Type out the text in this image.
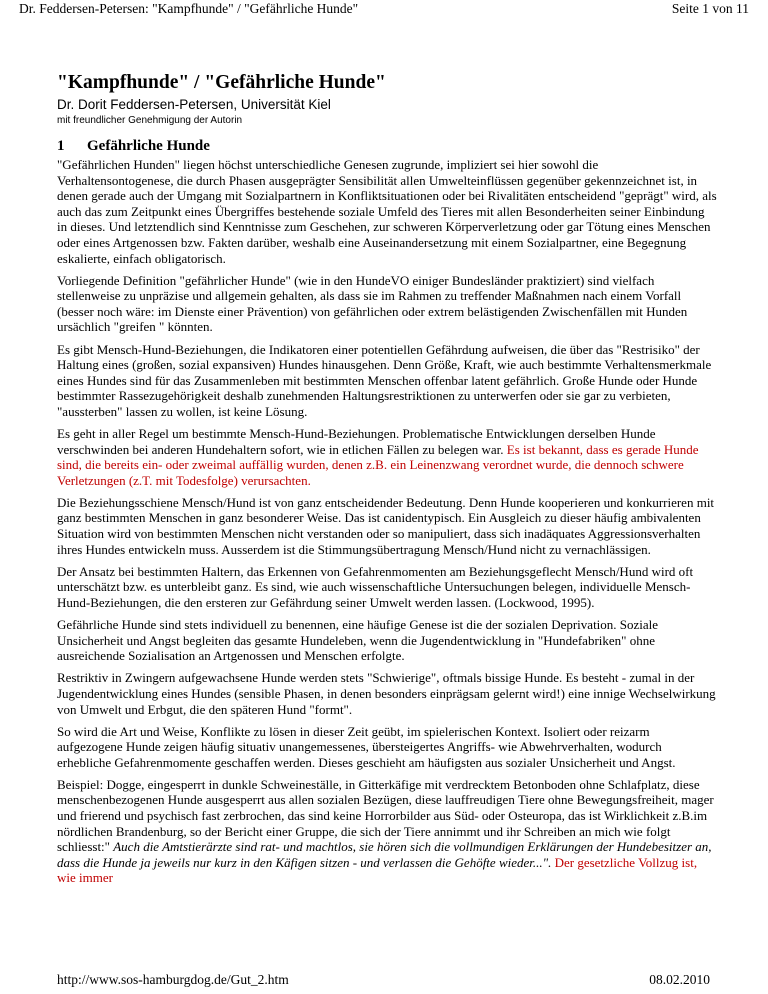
Dr. Feddersen-Petersen: "Kampfhunde" / "Gefährliche Hunde"	Seite 1 von 11
"Kampfhunde" / "Gefährliche Hunde"
Dr. Dorit Feddersen-Petersen, Universität Kiel
mit freundlicher Genehmigung der Autorin
1 Gefährliche Hunde

"Gefährlichen Hunden" liegen höchst unterschiedliche Genesen zugrunde, impliziert sei hier sowohl die Verhaltensontogenese, die durch Phasen ausgeprägter Sensibilität allen Umwelteinflüssen gegenüber gekennzeichnet ist, in denen gerade auch der Umgang mit Sozialpartnern in Konfliktsituationen oder bei Rivalitäten entscheidend "geprägt" wird, als auch das zum Zeitpunkt eines Übergriffes bestehende soziale Umfeld des Tieres mit allen Besonderheiten seiner Einbindung in dieses. Und letztendlich sind Kenntnisse zum Geschehen, zur schweren Körperverletzung oder gar Tötung eines Menschen oder eines Artgenossen bzw. Fakten darüber, weshalb eine Auseinandersetzung mit einem Sozialpartner, eine Begegnung eskalierte, einfach obligatorisch.

Vorliegende Definition "gefährlicher Hunde" (wie in den HundeVO einiger Bundesländer praktiziert) sind vielfach stellenweise zu unpräzise und allgemein gehalten, als dass sie im Rahmen zu treffender Maßnahmen nach einem Vorfall (besser noch wäre: im Dienste einer Prävention) von gefährlichen oder extrem belästigenden Zwischenfällen mit Hunden ursächlich "greifen " könnten.

Es gibt Mensch-Hund-Beziehungen, die Indikatoren einer potentiellen Gefährdung aufweisen, die über das "Restrisiko" der Haltung eines (großen, sozial expansiven) Hundes hinausgehen. Denn Größe, Kraft, wie auch bestimmte Verhaltensmerkmale eines Hundes sind für das Zusammenleben mit bestimmten Menschen offenbar latent gefährlich. Große Hunde oder Hunde bestimmter Rassezugehörigkeit deshalb zunehmenden Haltungsrestriktionen zu unterwerfen oder sie gar zu verbieten, "aussterben" lassen zu wollen, ist keine Lösung.

Es geht in aller Regel um bestimmte Mensch-Hund-Beziehungen. Problematische Entwicklungen derselben Hunde verschwinden bei anderen Hundehaltern sofort, wie in etlichen Fällen zu belegen war. Es ist bekannt, dass es gerade Hunde sind, die bereits ein- oder zweimal auffällig wurden, denen z.B. ein Leinenzwang verordnet wurde, die dennoch schwere Verletzungen (z.T. mit Todesfolge) verursachten.

Die Beziehungsschiene Mensch/Hund ist von ganz entscheidender Bedeutung. Denn Hunde kooperieren und konkurrieren mit ganz bestimmten Menschen in ganz besonderer Weise. Das ist canidentypisch. Ein Ausgleich zu dieser häufig ambivalenten Situation wird von bestimmten Menschen nicht verstanden oder so manipuliert, dass sich inadäquates Aggressionsverhalten ihres Hundes entwickeln muss. Ausserdem ist die Stimmungsübertragung Mensch/Hund nicht zu vernachlässigen.

Der Ansatz bei bestimmten Haltern, das Erkennen von Gefahrenmomenten am Beziehungsgeflecht Mensch/Hund wird oft unterschätzt bzw. es unterbleibt ganz. Es sind, wie auch wissenschaftliche Untersuchungen belegen, individuelle Mensch-Hund-Beziehungen, die den ersteren zur Gefährdung seiner Umwelt werden lassen. (Lockwood, 1995).

Gefährliche Hunde sind stets individuell zu benennen, eine häufige Genese ist die der sozialen Deprivation. Soziale Unsicherheit und Angst begleiten das gesamte Hundeleben, wenn die Jugendentwicklung in "Hundefabriken" ohne ausreichende Sozialisation an Artgenossen und Menschen erfolgte.

Restriktiv in Zwingern aufgewachsene Hunde werden stets "Schwierige", oftmals bissige Hunde. Es besteht - zumal in der Jugendentwicklung eines Hundes (sensible Phasen, in denen besonders einprägsam gelernt wird!) eine innige Wechselwirkung von Umwelt und Erbgut, die den späteren Hund "formt".

So wird die Art und Weise, Konflikte zu lösen in dieser Zeit geübt, im spielerischen Kontext. Isoliert oder reizarm aufgezogene Hunde zeigen häufig situativ unangemessenes, übersteigertes Angriffs- wie Abwehrverhalten, wodurch erhebliche Gefahrenmomente geschaffen werden. Dieses geschieht am häufigsten aus sozialer Unsicherheit und Angst.

Beispiel: Dogge, eingesperrt in dunkle Schweineställe, in Gitterkäfige mit verdrecktem Betonboden ohne Schlafplatz, diese menschenbezogenen Hunde ausgesperrt aus allen sozialen Bezügen, diese lauffreudigen Tiere ohne Bewegungsfreiheit, mager und frierend und psychisch fast zerbrochen, das sind keine Horrorbilder aus Süd- oder Osteuropa, das ist Wirklichkeit z.B.im nördlichen Brandenburg, so der Bericht einer Gruppe, die sich der Tiere annimmt und ihr Schreiben an mich wie folgt schliesst:" Auch die Amtstierärzte sind rat- und machtlos, sie hören sich die vollmundigen Erklärungen der Hundebesitzer an, dass die Hunde ja jeweils nur kurz in den Käfigen sitzen - und verlassen die Gehöfte wieder...". Der gesetzliche Vollzug ist, wie immer

http://www.sos-hamburgdog.de/Gut_2.htm	08.02.2010
